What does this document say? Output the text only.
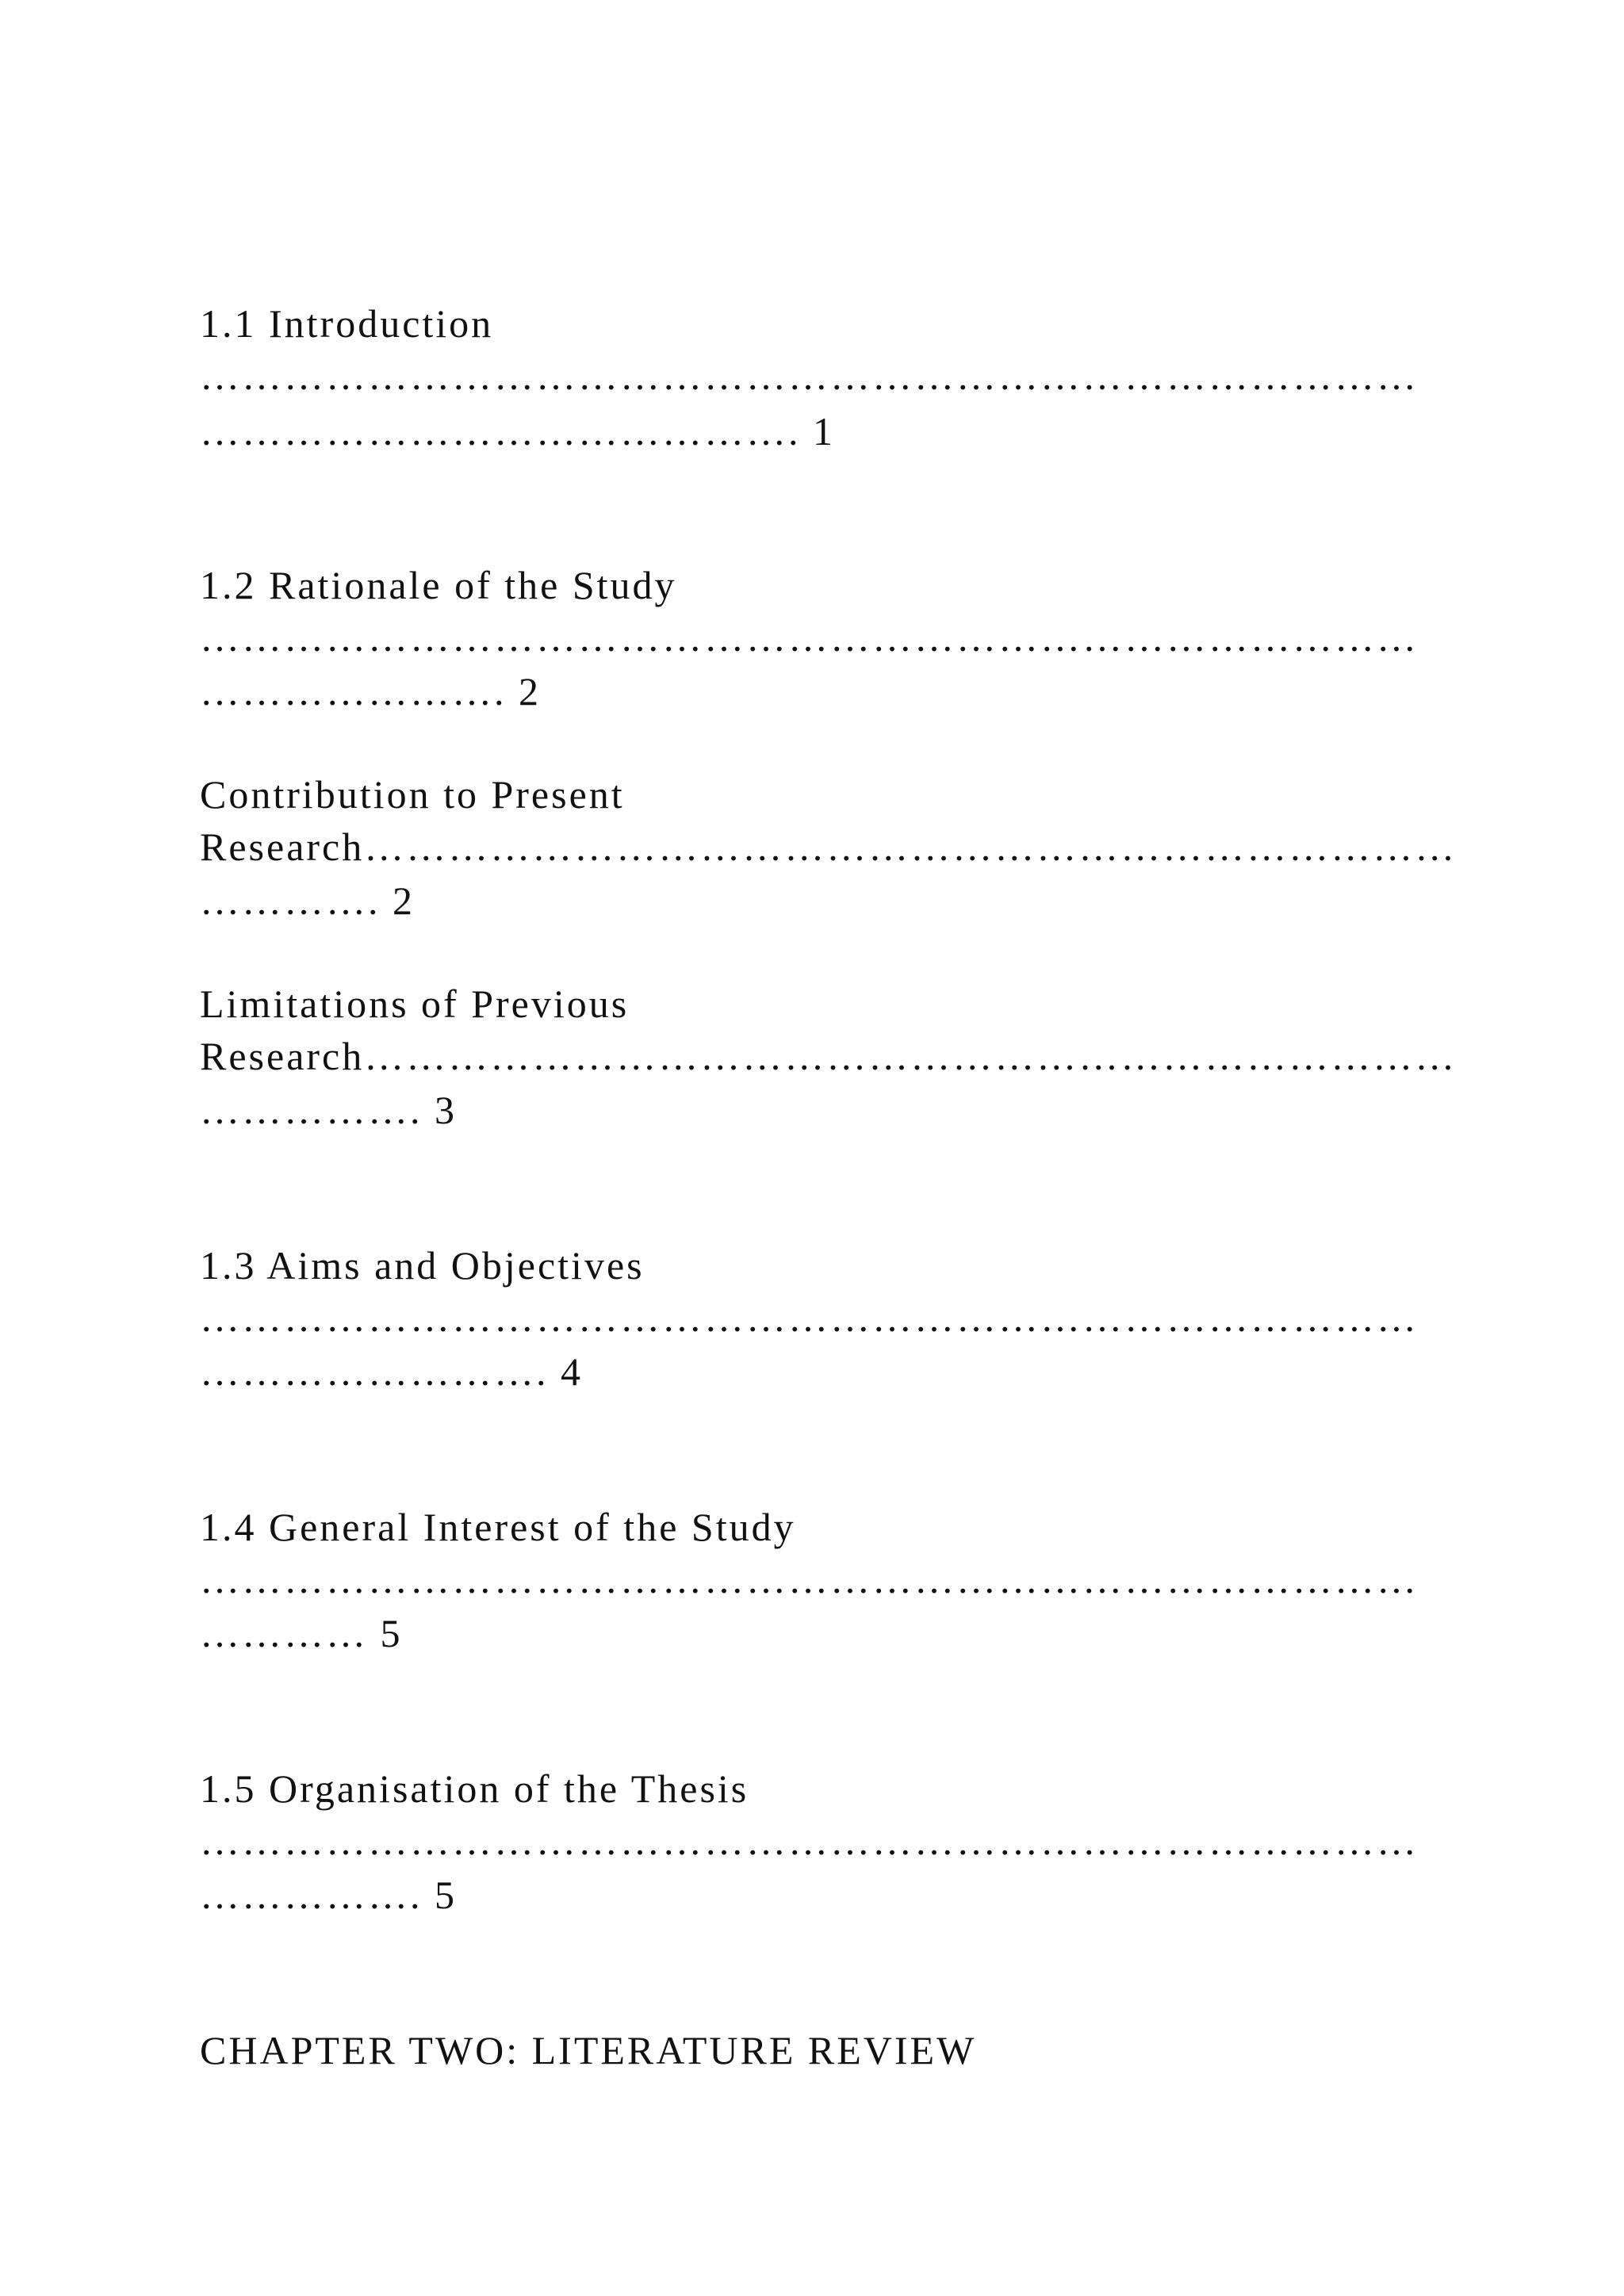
1.1 Introduction
……………………………………………………………………………
……………………………………. 1
1.2 Rationale of the Study
……………………………………………………………………………
…………………. 2
Contribution to Present
Research……………………………………………………………………
…………. 2
Limitations of Previous
Research……………………………………………………………………
……………. 3
1.3 Aims and Objectives
……………………………………………………………………………
……………………. 4
1.4 General Interest of the Study
……………………………………………………………………………
………… 5
1.5 Organisation of the Thesis
……………………………………………………………………………
……………. 5
CHAPTER TWO: LITERATURE REVIEW
